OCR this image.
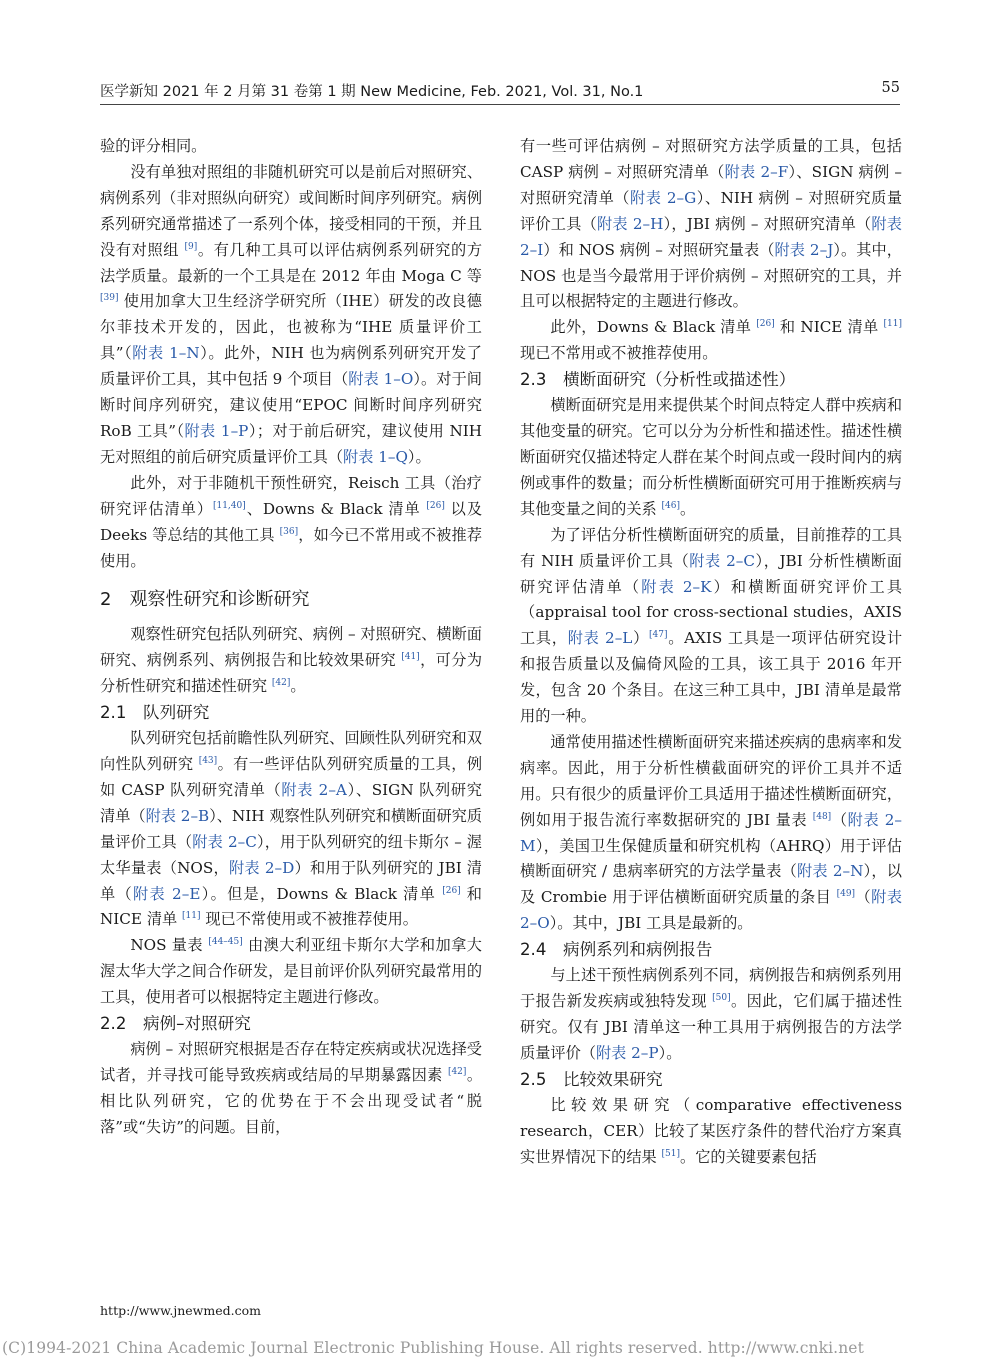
医学新知 2021 年 2 月第 31 卷第 1 期 New Medicine, Feb. 2021, Vol. 31, No.1	55

验的评分相同。

没有单独对照组的非随机研究可以是前后对照研究、病例系列（非对照纵向研究）或间断时间序列研究。病例系列研究通常描述了一系列个体，接受相同的干预，并且没有对照组 [9]。有几种工具可以评估病例系列研究的方法学质量。最新的一个工具是在 2012 年由 Moga C 等 [39] 使用加拿大卫生经济学研究所（IHE）研发的改良德尔菲技术开发的，因此，也被称为“IHE 质量评价工具”（附表 1–N）。此外，NIH 也为病例系列研究开发了质量评价工具，其中包括 9 个项目（附表 1–O）。对于间断时间序列研究，建议使用“EPOC 间断时间序列研究 RoB 工具”（附表 1–P）；对于前后研究，建议使用 NIH 无对照组的前后研究质量评价工具（附表 1–Q）。

此外，对于非随机干预性研究，Reisch 工具（治疗研究评估清单）[11,40]、Downs & Black 清单 [26] 以及 Deeks 等总结的其他工具 [36]，如今已不常用或不被推荐使用。

2　观察性研究和诊断研究

观察性研究包括队列研究、病例 – 对照研究、横断面研究、病例系列、病例报告和比较效果研究 [41]，可分为分析性研究和描述性研究 [42]。

2.1　队列研究

队列研究包括前瞻性队列研究、回顾性队列研究和双向性队列研究 [43]。有一些评估队列研究质量的工具，例如 CASP 队列研究清单（附表 2–A）、SIGN 队列研究清单（附表 2–B）、NIH 观察性队列研究和横断面研究质量评价工具（附表 2–C），用于队列研究的纽卡斯尔 – 渥太华量表（NOS，附表 2–D）和用于队列研究的 JBI 清单（附表 2–E）。但是，Downs & Black 清单 [26] 和 NICE 清单 [11] 现已不常使用或不被推荐使用。

NOS 量表 [44–45] 由澳大利亚纽卡斯尔大学和加拿大渥太华大学之间合作研发，是目前评价队列研究最常用的工具，使用者可以根据特定主题进行修改。

2.2　病例–对照研究

病例 – 对照研究根据是否存在特定疾病或状况选择受试者，并寻找可能导致疾病或结局的早期暴露因素 [42]。相比队列研究，它的优势在于不会出现受试者“脱落”或“失访”的问题。目前，

有一些可评估病例 – 对照研究方法学质量的工具，包括 CASP 病例 – 对照研究清单（附表 2–F）、SIGN 病例 – 对照研究清单（附表 2–G）、NIH 病例 – 对照研究质量评价工具（附表 2–H），JBI 病例 – 对照研究清单（附表 2–I）和 NOS 病例 – 对照研究量表（附表 2–J）。其中，NOS 也是当今最常用于评价病例 – 对照研究的工具，并且可以根据特定的主题进行修改。

此外，Downs & Black 清单 [26] 和 NICE 清单 [11] 现已不常用或不被推荐使用。

2.3　横断面研究（分析性或描述性）

横断面研究是用来提供某个时间点特定人群中疾病和其他变量的研究。它可以分为分析性和描述性。描述性横断面研究仅描述特定人群在某个时间点或一段时间内的病例或事件的数量；而分析性横断面研究可用于推断疾病与其他变量之间的关系 [46]。

为了评估分析性横断面研究的质量，目前推荐的工具有 NIH 质量评价工具（附表 2–C），JBI 分析性横断面研究评估清单（附表 2–K）和横断面研究评价工具（appraisal tool for cross-sectional studies，AXIS 工具，附表 2–L）[47]。AXIS 工具是一项评估研究设计和报告质量以及偏倚风险的工具，该工具于 2016 年开发，包含 20 个条目。在这三种工具中，JBI 清单是最常用的一种。

通常使用描述性横断面研究来描述疾病的患病率和发病率。因此，用于分析性横截面研究的评价工具并不适用。只有很少的质量评价工具适用于描述性横断面研究，例如用于报告流行率数据研究的 JBI 量表 [48]（附表 2–M），美国卫生保健质量和研究机构（AHRQ）用于评估横断面研究 / 患病率研究的方法学量表（附表 2–N），以及 Crombie 用于评估横断面研究质量的条目 [49]（附表 2–O）。其中，JBI 工具是最新的。

2.4　病例系列和病例报告

与上述干预性病例系列不同，病例报告和病例系列用于报告新发疾病或独特发现 [50]。因此，它们属于描述性研究。仅有 JBI 清单这一种工具用于病例报告的方法学质量评价（附表 2–P）。

2.5　比较效果研究

比较效果研究（comparative effectiveness research，CER）比较了某医疗条件的替代治疗方案真实世界情况下的结果 [51]。它的关键要素包括

http://www.jnewmed.com
(C)1994-2021 China Academic Journal Electronic Publishing House. All rights reserved. http://www.cnki.net
